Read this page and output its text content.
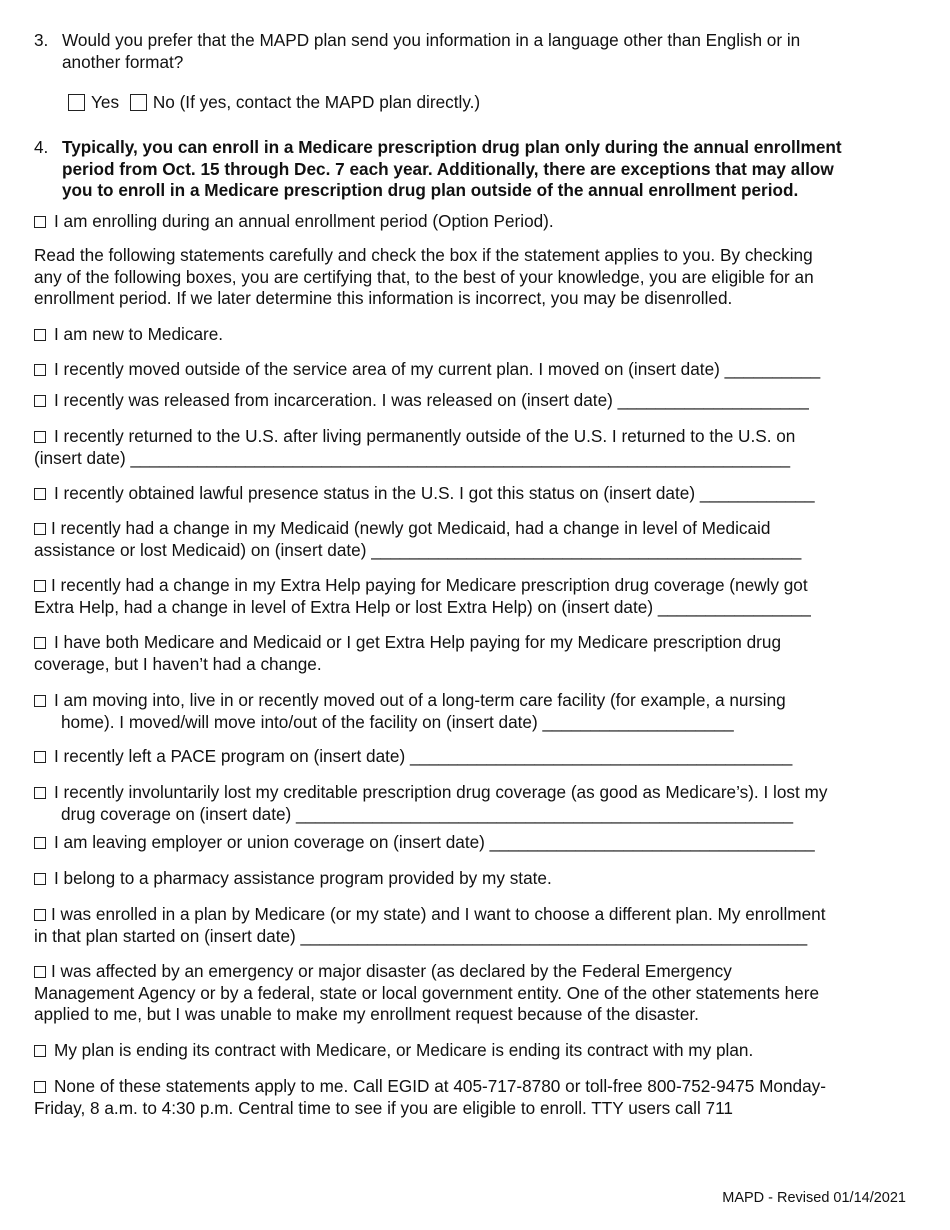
3. Would you prefer that the MAPD plan send you information in a language other than English or in
another format?
Yes No (If yes, contact the MAPD plan directly.)
4. Typically, you can enroll in a Medicare prescription drug plan only during the annual enrollment
period from Oct. 15 through Dec. 7 each year. Additionally, there are exceptions that may allow
you to enroll in a Medicare prescription drug plan outside of the annual enrollment period.
I am enrolling during an annual enrollment period (Option Period).
Read the following statements carefully and check the box if the statement applies to you. By checking
any of the following boxes, you are certifying that, to the best of your knowledge, you are eligible for an
enrollment period. If we later determine this information is incorrect, you may be disenrolled.
I am new to Medicare.
I recently moved outside of the service area of my current plan. I moved on (insert date) __________
I recently was released from incarceration. I was released on (insert date) ____________________
I recently returned to the U.S. after living permanently outside of the U.S. I returned to the U.S. on
(insert date) _____________________________________________________________________
I recently obtained lawful presence status in the U.S. I got this status on (insert date) ____________
I recently had a change in my Medicaid (newly got Medicaid, had a change in level of Medicaid
assistance or lost Medicaid) on (insert date) _____________________________________________
I recently had a change in my Extra Help paying for Medicare prescription drug coverage (newly got
Extra Help, had a change in level of Extra Help or lost Extra Help) on (insert date) ________________
I have both Medicare and Medicaid or I get Extra Help paying for my Medicare prescription drug
coverage, but I haven’t had a change.
I am moving into, live in or recently moved out of a long-term care facility (for example, a nursing
home). I moved/will move into/out of the facility on (insert date) ____________________
I recently left a PACE program on (insert date) ________________________________________
I recently involuntarily lost my creditable prescription drug coverage (as good as Medicare’s). I lost my
drug coverage on (insert date) ____________________________________________________
I am leaving employer or union coverage on (insert date) __________________________________
I belong to a pharmacy assistance program provided by my state.
I was enrolled in a plan by Medicare (or my state) and I want to choose a different plan. My enrollment
in that plan started on (insert date) _____________________________________________________
I was affected by an emergency or major disaster (as declared by the Federal Emergency
Management Agency or by a federal, state or local government entity. One of the other statements here
applied to me, but I was unable to make my enrollment request because of the disaster.
My plan is ending its contract with Medicare, or Medicare is ending its contract with my plan.
None of these statements apply to me. Call EGID at 405-717-8780 or toll-free 800-752-9475 Monday-
Friday, 8 a.m. to 4:30 p.m. Central time to see if you are eligible to enroll. TTY users call 711
MAPD - Revised 01/14/2021
